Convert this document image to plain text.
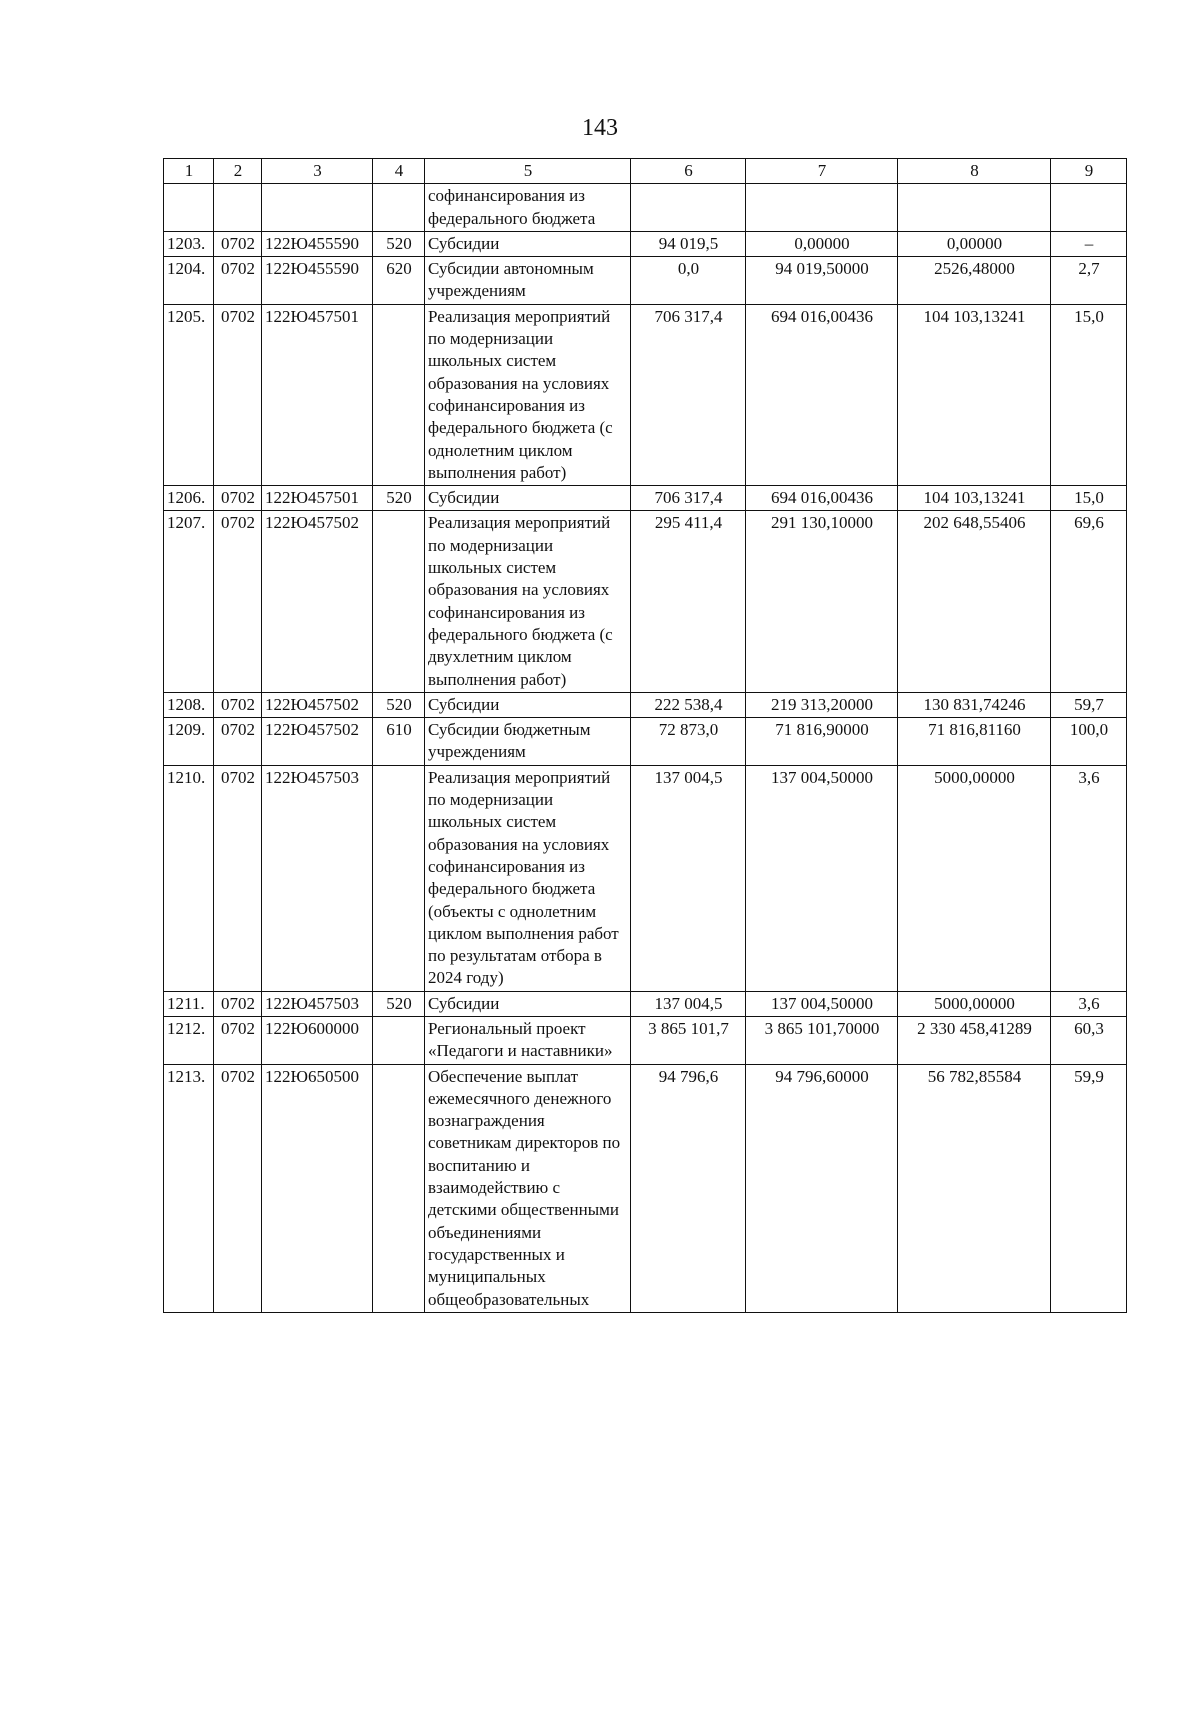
143
1	2	3	4	5	6	7	8	9
				софинансирования из федерального бюджета				
1203.	0702	122Ю455590	520	Субсидии	94 019,5	0,00000	0,00000	–
1204.	0702	122Ю455590	620	Субсидии автономным учреждениям	0,0	94 019,50000	2526,48000	2,7
1205.	0702	122Ю457501		Реализация мероприятий по модернизации школьных систем образования на условиях софинансирования из федерального бюджета (с однолетним циклом выполнения работ)	706 317,4	694 016,00436	104 103,13241	15,0
1206.	0702	122Ю457501	520	Субсидии	706 317,4	694 016,00436	104 103,13241	15,0
1207.	0702	122Ю457502		Реализация мероприятий по модернизации школьных систем образования на условиях софинансирования из федерального бюджета (с двухлетним циклом выполнения работ)	295 411,4	291 130,10000	202 648,55406	69,6
1208.	0702	122Ю457502	520	Субсидии	222 538,4	219 313,20000	130 831,74246	59,7
1209.	0702	122Ю457502	610	Субсидии бюджетным учреждениям	72 873,0	71 816,90000	71 816,81160	100,0
1210.	0702	122Ю457503		Реализация мероприятий по модернизации школьных систем образования на условиях софинансирования из федерального бюджета (объекты с однолетним циклом выполнения работ по результатам отбора в 2024 году)	137 004,5	137 004,50000	5000,00000	3,6
1211.	0702	122Ю457503	520	Субсидии	137 004,5	137 004,50000	5000,00000	3,6
1212.	0702	122Ю600000		Региональный проект «Педагоги и наставники»	3 865 101,7	3 865 101,70000	2 330 458,41289	60,3
1213.	0702	122Ю650500		Обеспечение выплат ежемесячного денежного вознаграждения советникам директоров по воспитанию и взаимодействию с детскими общественными объединениями государственных и муниципальных общеобразовательных	94 796,6	94 796,60000	56 782,85584	59,9
